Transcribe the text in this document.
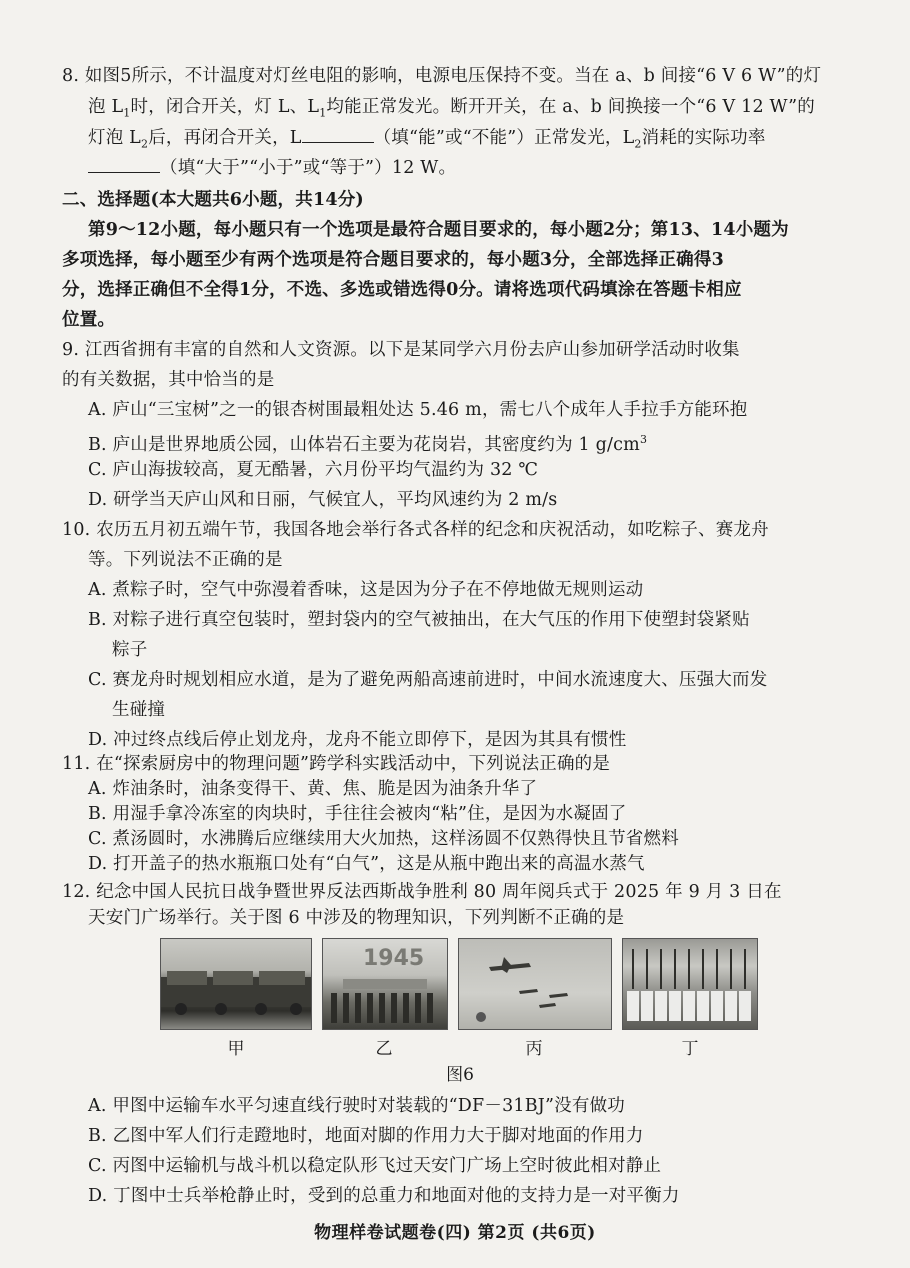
8. 如图5所示，不计温度对灯丝电阻的影响，电源电压保持不变。当在 a、b 间接“6 V 6 W”的灯
泡 $L_1$时，闭合开关，灯 L、$L_1$均能正常发光。断开开关，在 a、b 间换接一个“6 V 12 W”的
灯泡 $L_2$后，再闭合开关，L	（填“能”或“不能”）正常发光，$L_2$消耗的实际功率
（填“大于”“小于”或“等于”）12 W。
二、选择题(本大题共6小题，共14分)
第9～12小题，每小题只有一个选项是最符合题目要求的，每小题2分；第13、14小题为
多项选择，每小题至少有两个选项是符合题目要求的，每小题3分，全部选择正确得3
分，选择正确但不全得1分，不选、多选或错选得0分。请将选项代码填涂在答题卡相应
位置。
9. 江西省拥有丰富的自然和人文资源。以下是某同学六月份去庐山参加研学活动时收集
的有关数据，其中恰当的是
A. 庐山“三宝树”之一的银杏树围最粗处达 5.46 m，需七八个成年人手拉手方能环抱
B. 庐山是世界地质公园，山体岩石主要为花岗岩，其密度约为 1 $g/cm^3$
C. 庐山海拔较高，夏无酷暑，六月份平均气温约为 32 ℃
D. 研学当天庐山风和日丽，气候宜人，平均风速约为 2 m/s
10. 农历五月初五端午节，我国各地会举行各式各样的纪念和庆祝活动，如吃粽子、赛龙舟
等。下列说法不正确的是
A. 煮粽子时，空气中弥漫着香味，这是因为分子在不停地做无规则运动
B. 对粽子进行真空包装时，塑封袋内的空气被抽出，在大气压的作用下使塑封袋紧贴
粽子
C. 赛龙舟时规划相应水道，是为了避免两船高速前进时，中间水流速度大、压强大而发
生碰撞
D. 冲过终点线后停止划龙舟，龙舟不能立即停下，是因为其具有惯性
11. 在“探索厨房中的物理问题”跨学科实践活动中，下列说法正确的是
A. 炸油条时，油条变得干、黄、焦、脆是因为油条升华了
B. 用湿手拿冷冻室的肉块时，手往往会被肉“粘”住，是因为水凝固了
C. 煮汤圆时，水沸腾后应继续用大火加热，这样汤圆不仅熟得快且节省燃料
D. 打开盖子的热水瓶瓶口处有“白气”，这是从瓶中跑出来的高温水蒸气
12. 纪念中国人民抗日战争暨世界反法西斯战争胜利 80 周年阅兵式于 2025 年 9 月 3 日在
1945
甲	乙	丙	丁
图6
A. 甲图中运输车水平匀速直线行驶时对装载的“DF－31BJ”没有做功
B. 乙图中军人们行走蹬地时，地面对脚的作用力大于脚对地面的作用力
C. 丙图中运输机与战斗机以稳定队形飞过天安门广场上空时彼此相对静止
D. 丁图中士兵举枪静止时，受到的总重力和地面对他的支持力是一对平衡力
物理样卷试题卷(四) 第2页 (共6页)
天安门广场举行。关于图 6 中涉及的物理知识，下列判断不正确的是
